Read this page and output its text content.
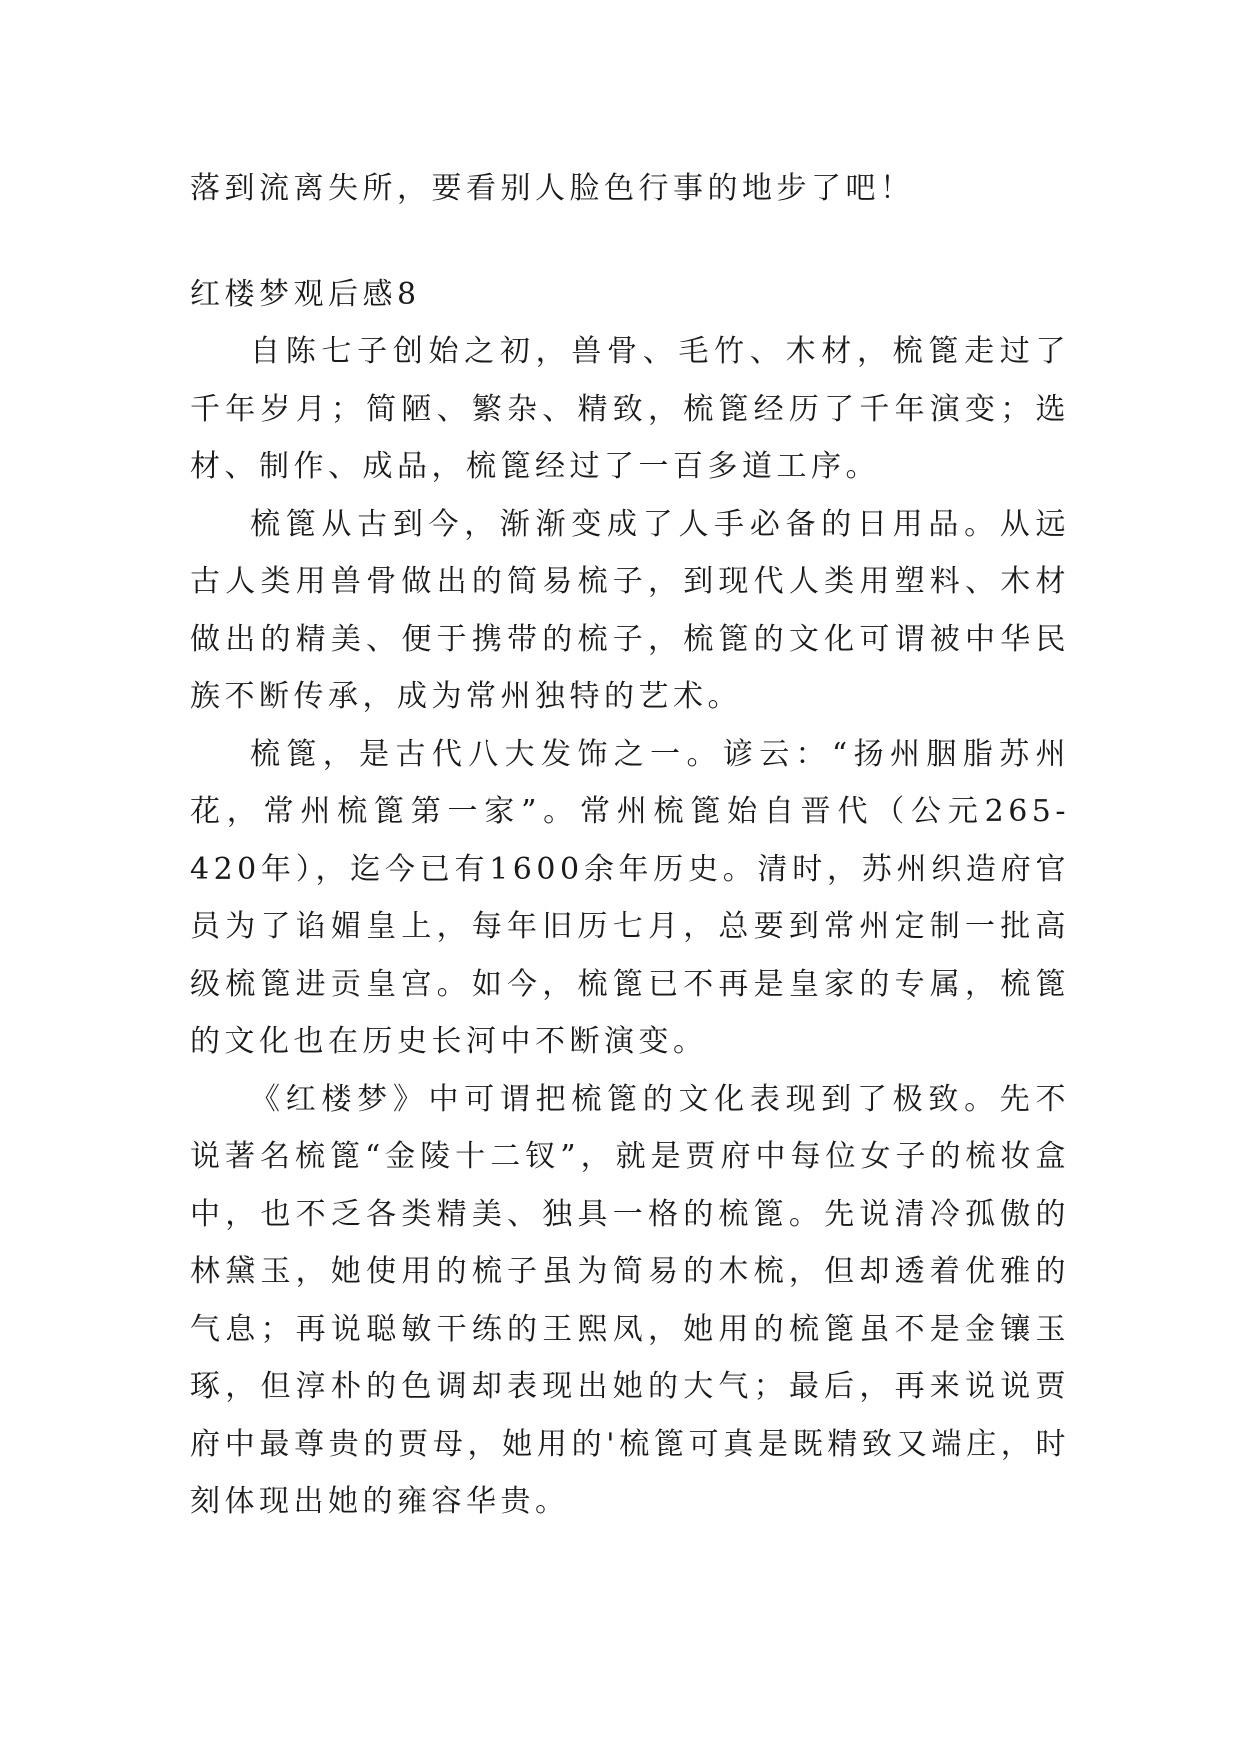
落到流离失所，要看别人脸色行事的地步了吧！

红楼梦观后感8

自陈七子创始之初，兽骨、毛竹、木材，梳篦走过了千年岁月；简陋、繁杂、精致，梳篦经历了千年演变；选材、制作、成品，梳篦经过了一百多道工序。

梳篦从古到今，渐渐变成了人手必备的日用品。从远古人类用兽骨做出的简易梳子，到现代人类用塑料、木材做出的精美、便于携带的梳子，梳篦的文化可谓被中华民族不断传承，成为常州独特的艺术。

梳篦，是古代八大发饰之一。谚云：“扬州胭脂苏州花，常州梳篦第一家”。常州梳篦始自晋代（公元265-420年），迄今已有1600余年历史。清时，苏州织造府官员为了谄媚皇上，每年旧历七月，总要到常州定制一批高级梳篦进贡皇宫。如今，梳篦已不再是皇家的专属，梳篦的文化也在历史长河中不断演变。

《红楼梦》中可谓把梳篦的文化表现到了极致。先不说著名梳篦“金陵十二钗”，就是贾府中每位女子的梳妆盒中，也不乏各类精美、独具一格的梳篦。先说清冷孤傲的林黛玉，她使用的梳子虽为简易的木梳，但却透着优雅的气息；再说聪敏干练的王熙凤，她用的梳篦虽不是金镶玉琢，但淳朴的色调却表现出她的大气；最后，再来说说贾府中最尊贵的贾母，她用的'梳篦可真是既精致又端庄，时刻体现出她的雍容华贵。
